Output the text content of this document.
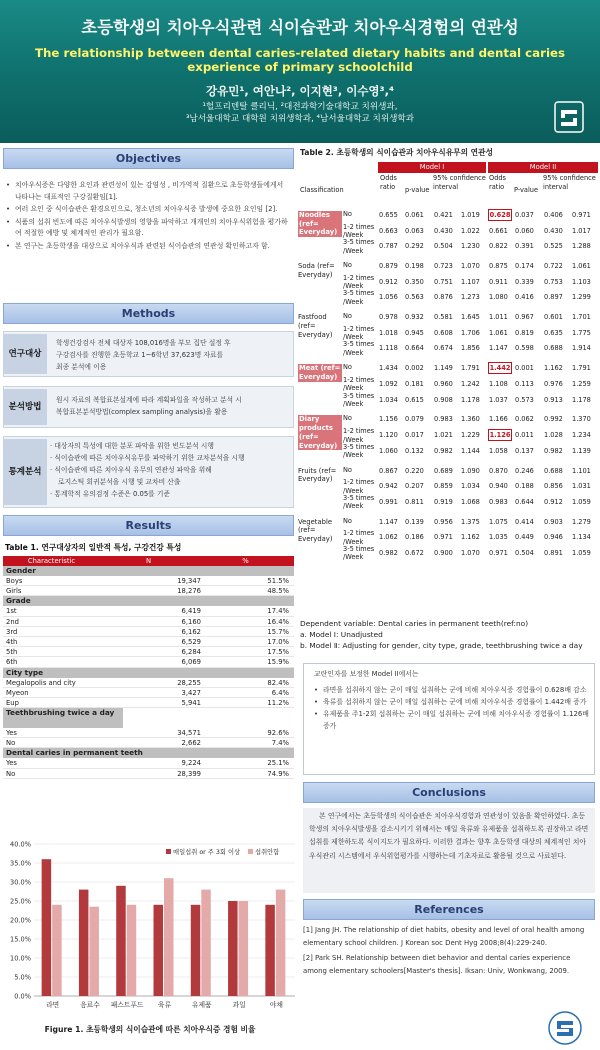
초등학생의 치아우식관련 식이습관과 치아우식경험의 연관성
The relationship between dental caries-related dietary habits and dental caries experience of primary schoolchild
강유민¹, 여안나², 이지현³, 이수영³,⁴
¹헐프리덴탈 클리닉, ²대전과학기술대학교 치위생과,
³남서울대학교 대학원 치위생학과, ⁴남서울대학교 치위생학과
Objectives
• 치아우식증은 다양한 요인과 관련성이 있는 감염성 , 비가역적 질환으로 초등학생들에게서 나타나는 대표적인 구강질환임[1].
• 여러 요인 중 식이습관은 환경요인으로, 청소년의 치아우식증 발생에 중요한 요인임 [2].
• 식품의 섭취 빈도에 따른 치아우식발생의 영향을 파악하고 개개인의 치아우식위험을 평가하여 적절한 예방 및 체계적인 관리가 필요함.
• 본 연구는 초등학생을 대상으로 치아우식과 관련된 식이습관의 연관성 확인하고자 함.
Methods
연구대상
학생건강검사 전체 대상자 108,016명을 부모 집단 설정 후
구강검사를 진행한 초등학교 1~6학년 37,623명 자료를
최종 분석에 이용
분석방법
원시 자료의 복합표본설계에 따라 계획파일을 작성하고 분석 시
복합표본분석방법(complex sampling analysis)을 활용
통계분석
· 대상자의 특성에 대한 분포 파악을 위한 빈도분석 시행
· 식이습관에 따른 치아우식유무를 파악하기 위한 교차분석을 시행
· 식이습관에 따른 치아우식 유무의 연관성 파악을 위해
로지스틱 회귀분석을 시행 및 교차비 산출
· 통계학적 유의검정 수준은 0.05를 기준
Results
Table 1. 연구대상자의 일반적 특성, 구강건강 특성
Characteristic	N	%
Gender
Boys	19,347	51.5%
Girls	18,276	48.5%
Grade
1st	6,419	17.4%
2nd	6,160	16.4%
3rd	6,162	15.7%
4th	6,529	17.0%
5th	6,284	17.5%
6th	6,069	15.9%
City type
Megalopolis and city	28,255	82.4%
Myeon	3,427	6.4%
Eup	5,941	11.2%
Teethbrushing twice a day
Yes	34,571	92.6%
No	2,662	7.4%
Dental caries in permanent teeth
Yes	9,224	25.1%
No	28,399	74.9%
0.0%
5.0%
10.0%
15.0%
20.0%
25.0%
30.0%
35.0%
40.0%
라면	음료수 패스트푸드 육류	유제품	과일	야채
매일섭취 or 주 3회 이상 섭취안함
Figure 1. 초등학생의 식이습관에 따른 치아우식증 경험 비율
Table 2. 초등학생의 식이습관과 치아우식유무의 연관성
Model I	Model II
Classification
Odds ratio	p-value
95% confidence interval
Odds ratio	P-value
95% confidence interval
Noodles (ref= Everyday)
No	0.655 0.061 0.421 1.019 0.628 0.037 0.406 0.971
1-2 times /Week
0.663 0.063 0.430 1.022 0.661 0.060 0.430 1.017
3-5 times /Week
0.787 0.292 0.504 1.230 0.822 0.391 0.525 1.288
Soda (ref= Everyday)
No	0.879 0.198 0.723 1.070 0.875 0.174 0.722 1.061
1-2 times /Week
0.912 0.350 0.751 1.107 0.911 0.339 0.753 1.103
3-5 times /Week
1.056 0.563 0.876 1.273 1.080 0.416 0.897 1.299
Fastfood (ref= Everyday)
No	0.978 0.932 0.581 1.645 1.011 0.967 0.601 1.701
1-2 times /Week
1.018 0.945 0.608 1.706 1.061 0.819 0.635 1.775
3-5 times /Week
1.118 0.664 0.674 1.856 1.147 0.598 0.688 1.914
Meat (ref= Everyday)
No	1.434 0.002 1.149 1.791 1.442 0.001 1.162 1.791
1-2 times /Week
1.092 0.181 0.960 1.242 1.108 0.113 0.976 1.259
3-5 times /Week
1.034 0.615 0.908 1.178 1.037 0.573 0.913 1.178
Diary products (ref= Everyday)
No	1.156 0.079 0.983 1.360 1.166 0.062 0.992 1.370
1-2 times /Week
1.120 0.017 1.021 1.229 1.126 0.011 1.028 1.234
3-5 times /Week
1.060 0.132 0.982 1.144 1.058 0.137 0.982 1.139
Fruits (ref= Everyday)
No	0.867 0.220 0.689 1.090 0.870 0.246 0.688 1.101
1-2 times /Week
0.942 0.207 0.859 1.034 0.940 0.188 0.856 1.031
3-5 times /Week
0.991 0.811 0.919 1.068 0.983 0.644 0.912 1.059
Vegetable (ref= Everyday)
No	1.147 0.139 0.956 1.375 1.075 0.414 0.903 1.279
1-2 times /Week
1.062 0.186 0.971 1.162 1.035 0.449 0.946 1.134
3-5 times /Week
0.982 0.672 0.900 1.070 0.971 0.504 0.891 1.059
Dependent variable: Dental caries in permanent teeth(ref:no)
a. Model Ⅰ: Unadjusted
b. Model Ⅱ: Adjusting for gender, city type, grade, teethbrushing twice a day
교란인자를 보정한 Model II에서는
• 라면을 섭취하지 않는 군이 매일 섭취하는 군에 비해 치아우식증 경험률이 0.628배 감소
• 육류를 섭취하지 않는 군이 매일 섭취하는 군에 비해 치아우식증 경험률이 1.442배 증가
• 유제품을 주1-2회 섭취하는 군이 매일 섭취하는 군에 비해 치아우식증 경험률이 1.126배 증가
Conclusions
본 연구에서는 초등학생의 식이습관은 치아우식경험과 연관성이 있음을 확인하였다. 초등학생의 치아우식발생을 감소시키기 위해서는 매일 육류와 유제품을 섭취하도록 권장하고 라면 섭취를 제한하도록 식이지도가 필요하다. 이러한 결과는 향후 초등학생 대상의 체계적인 치아우식관리 시스템에서 우식위험평가를 시행하는데 기초자료로 활용될 것으로 사료된다.
References

[1] Jang JH. The relationship of diet habits, obesity and level of oral health among elementary school children. J Korean soc Dent Hyg 2008;8(4):229-240.

[2] Park SH. Relationship between diet behavior and dental caries experience among elementary schoolers[Master's thesis]. Iksan: Univ, Wonkwang, 2009.
